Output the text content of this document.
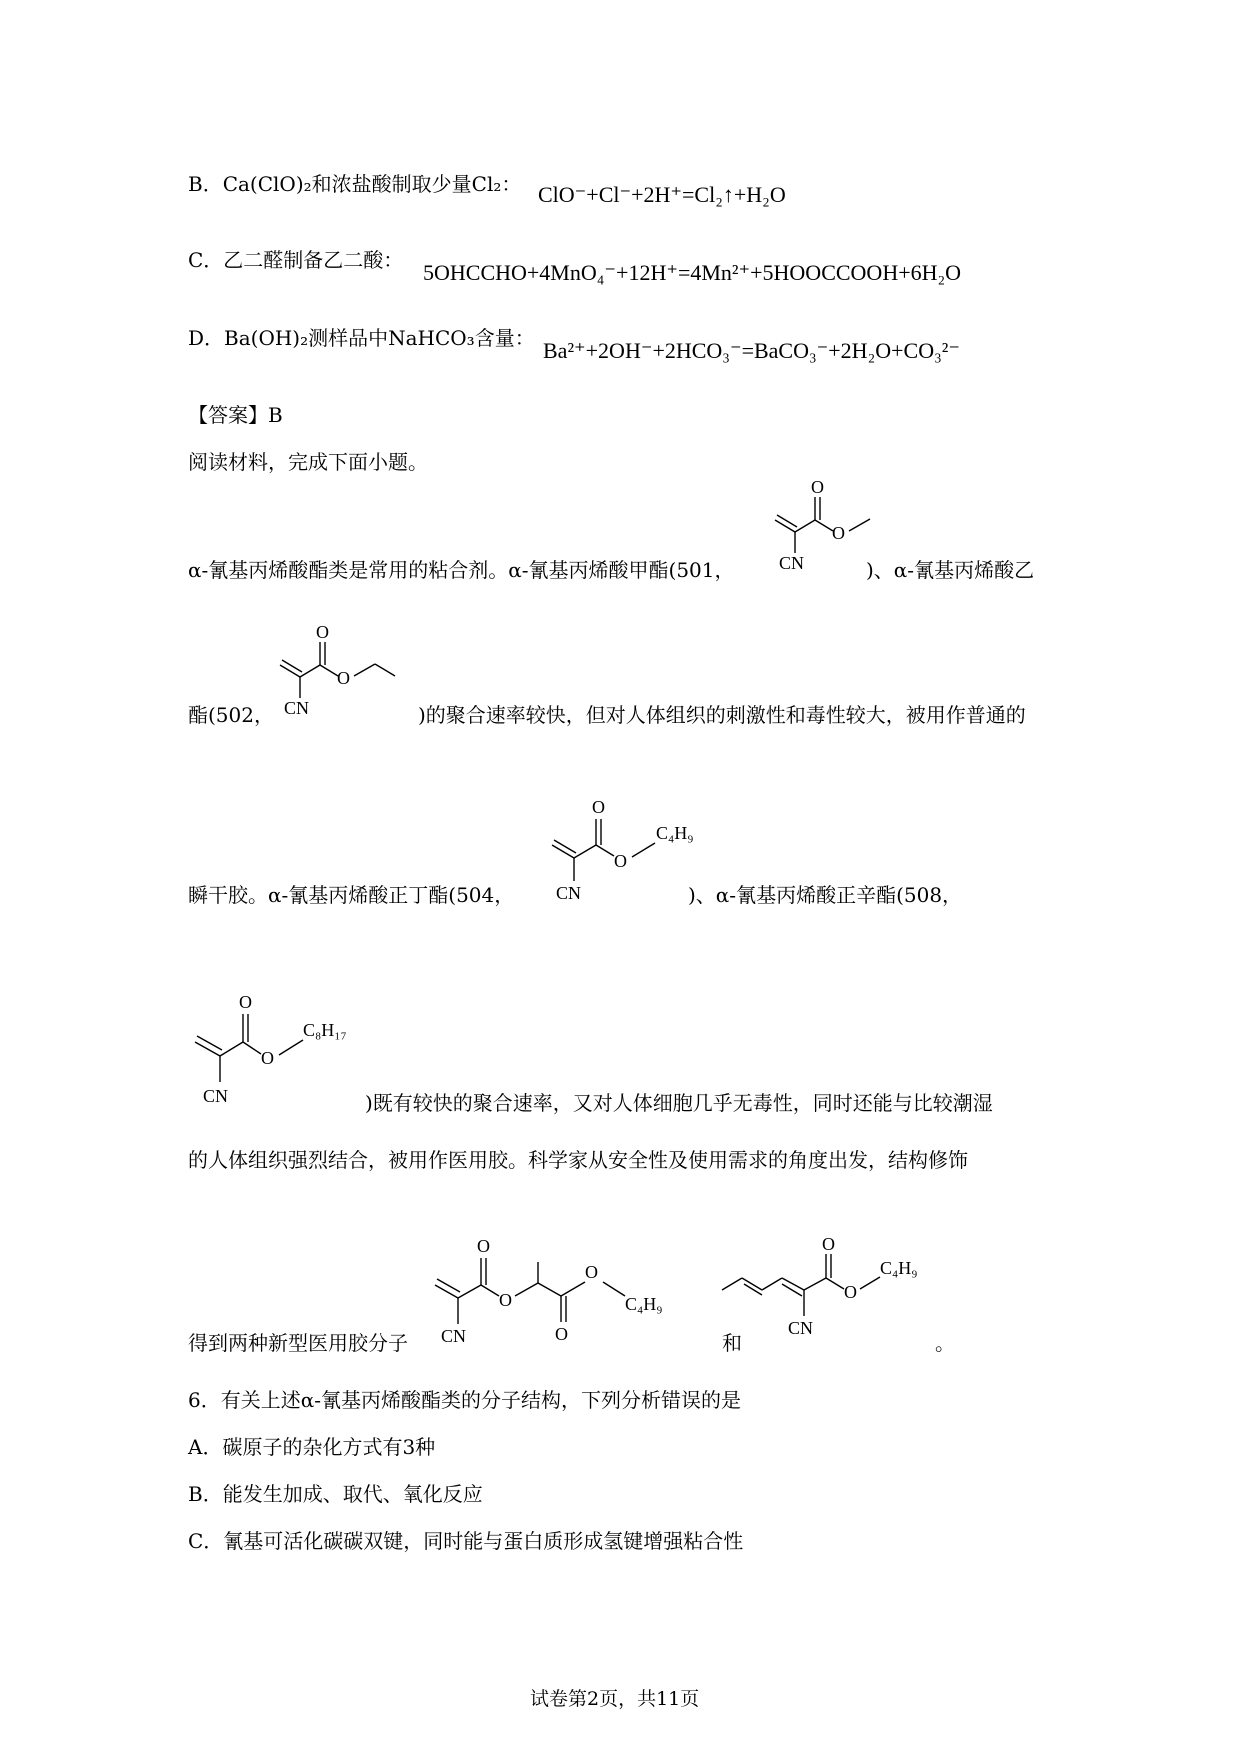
B．Ca(ClO)₂和浓盐酸制取少量Cl₂： ClO⁻+Cl⁻+2H⁺=Cl₂↑+H₂O
C．乙二醛制备乙二酸： 5OHCCHO+4MnO₄⁻+12H⁺=4Mn²⁺+5HOOCCOOH+6H₂O
D．Ba(OH)₂测样品中NaHCO₃含量： Ba²⁺+2OH⁻+2HCO₃⁻=BaCO₃⁻+2H₂O+CO₃²⁻
【答案】B
阅读材料，完成下面小题。
α-氰基丙烯酸酯类是常用的粘合剂。α-氰基丙烯酸甲酯(501，
O
O
CN	)、α-氰基丙烯酸乙
酯(502，
O
O
CN	)的聚合速率较快，但对人体组织的刺激性和毒性较大，被用作普通的
瞬干胶。α-氰基丙烯酸正丁酯(504，
O
O
C₄H₉
CN	)、α-氰基丙烯酸正辛酯(508，
O
O
C₈H₁₇
CN	)既有较快的聚合速率，又对人体细胞几乎无毒性，同时还能与比较潮湿
的人体组织强烈结合，被用作医用胶。科学家从安全性及使用需求的角度出发，结构修饰
得到两种新型医用胶分子
O
O
O
O
C₄H₉
CN	和
O
O
C₄H₉
CN
。
6．有关上述α-氰基丙烯酸酯类的分子结构，下列分析错误的是
A．碳原子的杂化方式有3种
B．能发生加成、取代、氧化反应
C．氰基可活化碳碳双键，同时能与蛋白质形成氢键增强粘合性
试卷第2页，共11页
